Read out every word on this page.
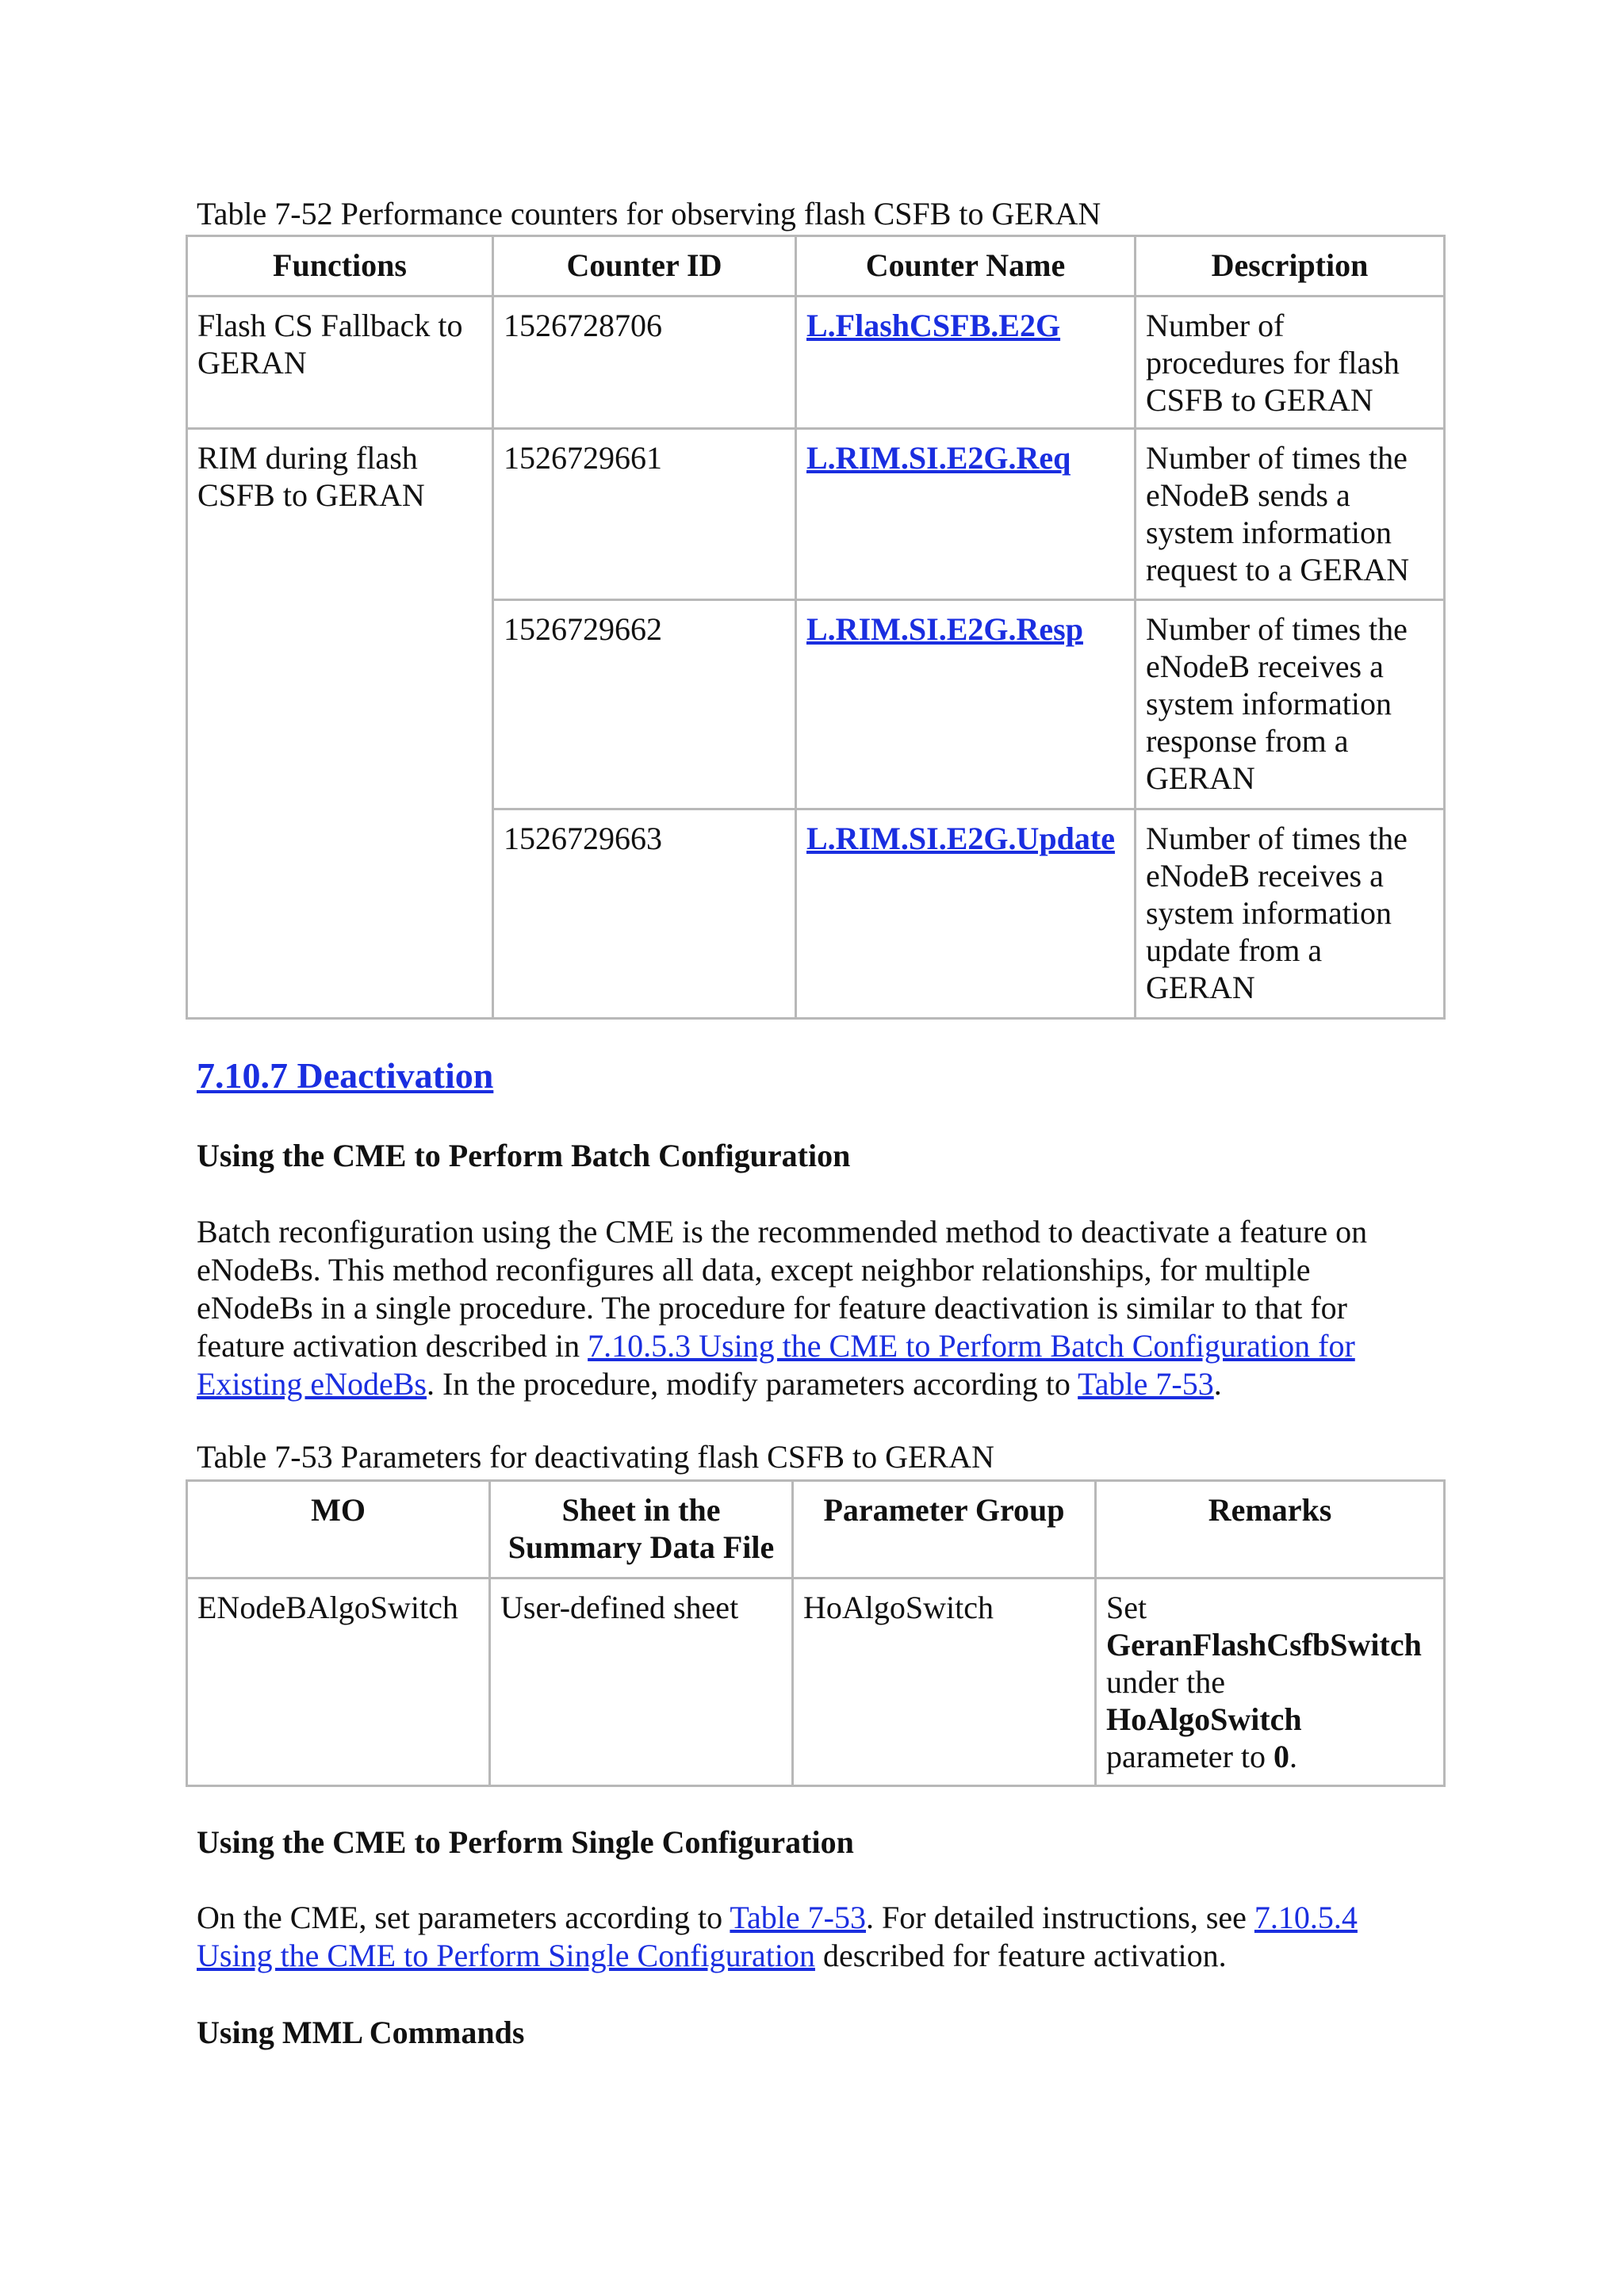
Table 7-52 Performance counters for observing flash CSFB to GERAN
Functions	Counter ID	Counter Name	Description

Flash CS Fallback to
GERAN	1526728706	L.FlashCSFB.E2G	Number of
procedures for flash
CSFB to GERAN

RIM during flash
CSFB to GERAN	1526729661	L.RIM.SI.E2G.Req	Number of times the
eNodeB sends a
system information
request to a GERAN

	1526729662	L.RIM.SI.E2G.Resp	Number of times the
eNodeB receives a
system information
response from a
GERAN

	1526729663	L.RIM.SI.E2G.Update	Number of times the
eNodeB receives a
system information
update from a
GERAN
7.10.7 Deactivation
Using the CME to Perform Batch Configuration
Batch reconfiguration using the CME is the recommended method to deactivate a feature on
eNodeBs. This method reconfigures all data, except neighbor relationships, for multiple
eNodeBs in a single procedure. The procedure for feature deactivation is similar to that for
feature activation described in 7.10.5.3 Using the CME to Perform Batch Configuration for
Existing eNodeBs. In the procedure, modify parameters according to Table 7-53.
Table 7-53 Parameters for deactivating flash CSFB to GERAN
MO	Sheet in the
Summary Data File	Parameter Group	Remarks
ENodeBAlgoSwitch	User-defined sheet	HoAlgoSwitch	Set
GeranFlashCsfbSwitch
under the
HoAlgoSwitch
parameter to 0.
Using the CME to Perform Single Configuration
On the CME, set parameters according to Table 7-53. For detailed instructions, see 7.10.5.4
Using the CME to Perform Single Configuration described for feature activation.
Using MML Commands
